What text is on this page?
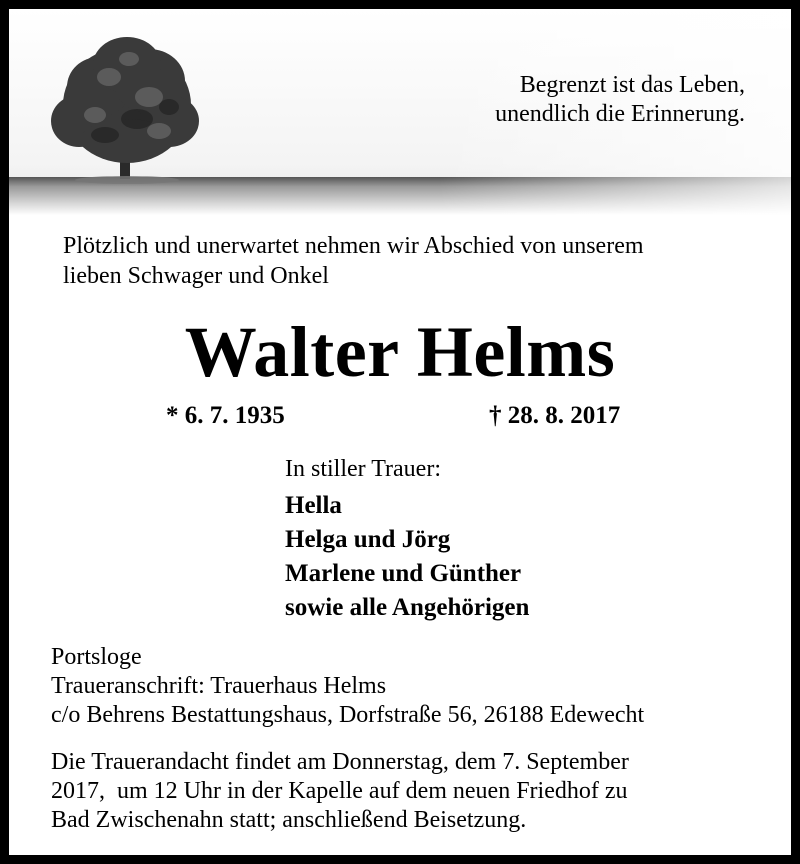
Begrenzt ist das Leben,
unendlich die Erinnerung.
Plötzlich und unerwartet nehmen wir Abschied von unserem
lieben Schwager und Onkel
Walter Helms
* 6. 7. 1935	† 28. 8. 2017
In stiller Trauer:
Hella
Helga und Jörg
Marlene und Günther
sowie alle Angehörigen
Portsloge
Traueranschrift: Trauerhaus Helms
c/o Behrens Bestattungshaus, Dorfstraße 56, 26188 Edewecht
Die Trauerandacht findet am Donnerstag, dem 7. September
2017,  um 12 Uhr in der Kapelle auf dem neuen Friedhof zu
Bad Zwischenahn statt; anschließend Beisetzung.
